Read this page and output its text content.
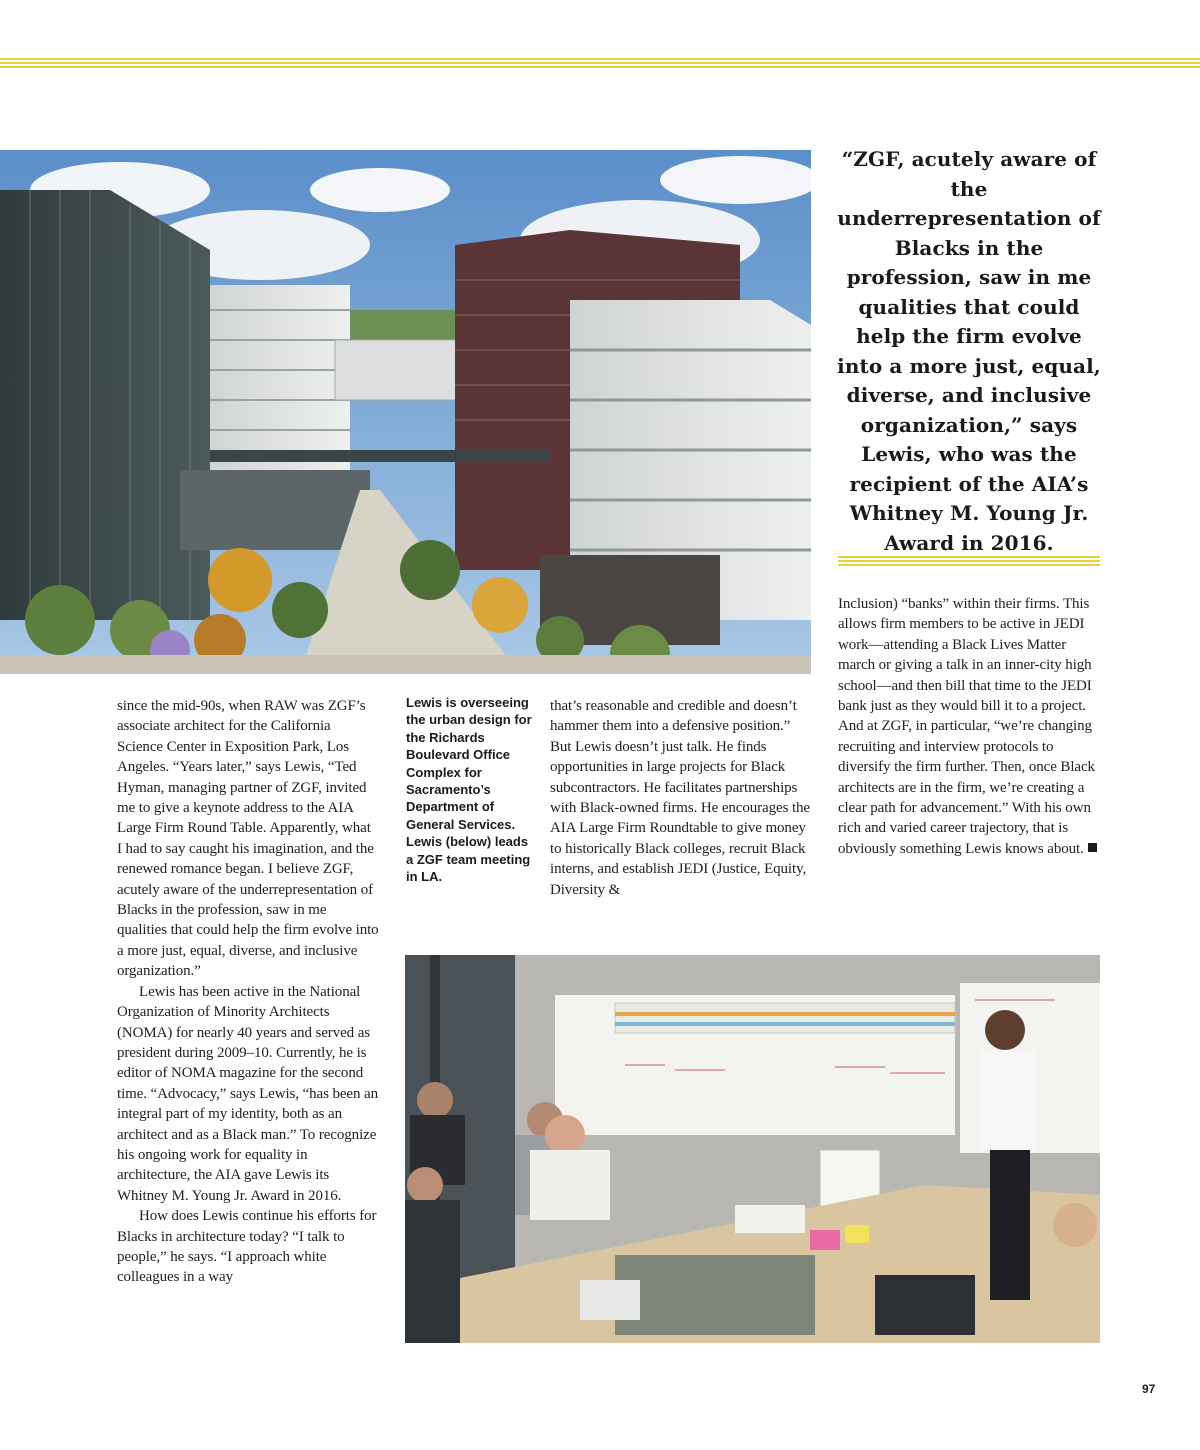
“ZGF, acutely aware of the underrepresentation of Blacks in the profession, saw in me qualities that could help the firm evolve into a more just, equal, diverse, and inclusive organization,” says Lewis, who was the recipient of the AIA’s Whitney M. Young Jr. Award in 2016.
Lewis is overseeing the urban design for the Richards Boulevard Office Complex for Sacramento’s Department of General Services. Lewis (below) leads a ZGF team meeting in LA.

since the mid-90s, when RAW was ZGF’s associate architect for the California Science Center in Exposition Park, Los Angeles. “Years later,” says Lewis, “Ted Hyman, managing partner of ZGF, invited me to give a keynote address to the AIA Large Firm Round Table. Apparently, what I had to say caught his imagination, and the renewed romance began. I believe ZGF, acutely aware of the underrepresentation of Blacks in the profession, saw in me qualities that could help the firm evolve into a more just, equal, diverse, and inclusive organization.”

Lewis has been active in the National Organization of Minority Architects (NOMA) for nearly 40 years and served as president during 2009–10. Currently, he is editor of NOMA magazine for the second time. “Advocacy,” says Lewis, “has been an integral part of my identity, both as an architect and as a Black man.” To recognize his ongoing work for equality in architecture, the AIA gave Lewis its Whitney M. Young Jr. Award in 2016.

How does Lewis continue his efforts for Blacks in architecture today? “I talk to people,” he says. “I approach white colleagues in a way

that’s reasonable and credible and doesn’t hammer them into a defensive position.” But Lewis doesn’t just talk. He finds opportunities in large projects for Black subcontractors. He facilitates partnerships with Black-owned firms. He encourages the AIA Large Firm Roundtable to give money to historically Black colleges, recruit Black interns, and establish JEDI (Justice, Equity, Diversity &

Inclusion) “banks” within their firms. This allows firm members to be active in JEDI work—attending a Black Lives Matter march or giving a talk in an inner-city high school—and then bill that time to the JEDI bank just as they would bill it to a project. And at ZGF, in particular, “we’re changing recruiting and interview protocols to diversify the firm further. Then, once Black architects are in the firm, we’re creating a clear path for advancement.” With his own rich and varied career trajectory, that is obviously something Lewis knows about.

97
